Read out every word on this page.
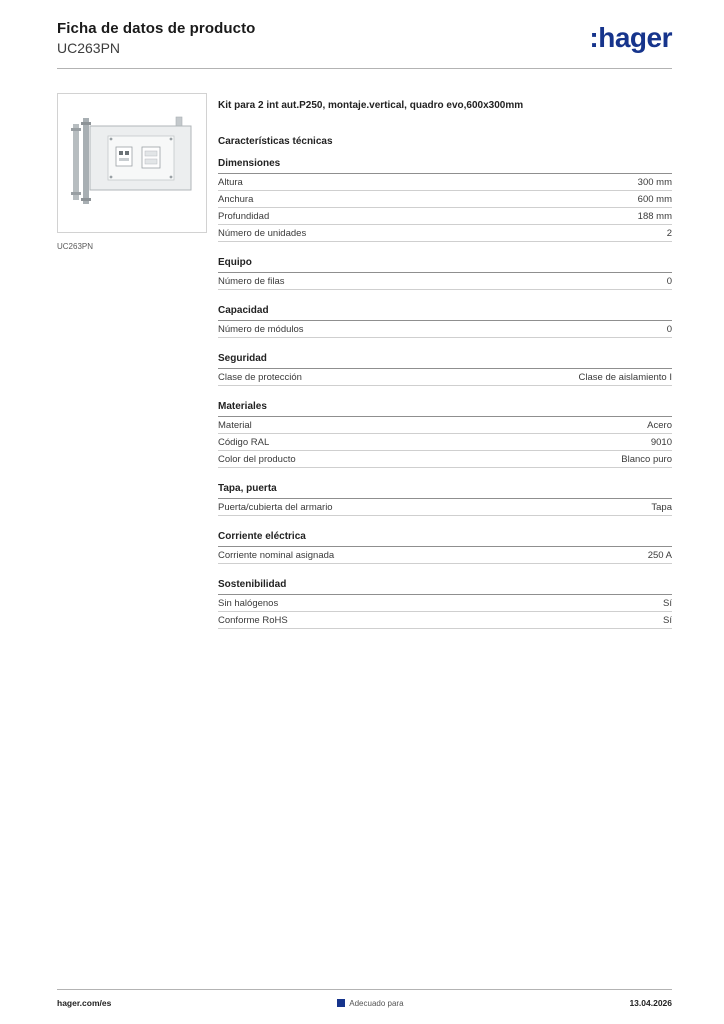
Ficha de datos de producto
UC263PN	:hager
UC263PN

Kit para 2 int aut.P250, montaje.vertical, quadro evo,600x300mm

Características técnicas
Dimensiones
Altura	300 mm
Anchura	600 mm
Profundidad	188 mm
Número de unidades	2
Equipo
Número de filas	0
Capacidad
Número de módulos	0
Seguridad
Clase de protección	Clase de aislamiento I
Materiales
Material	Acero
Código RAL	9010
Color del producto	Blanco puro
Tapa, puerta
Puerta/cubierta del armario	Tapa
Corriente eléctrica
Corriente nominal asignada	250 A
Sostenibilidad
Sin halógenos	Sí
Conforme RoHS	Sí
hager.com/es	Adecuado para	13.04.2026
